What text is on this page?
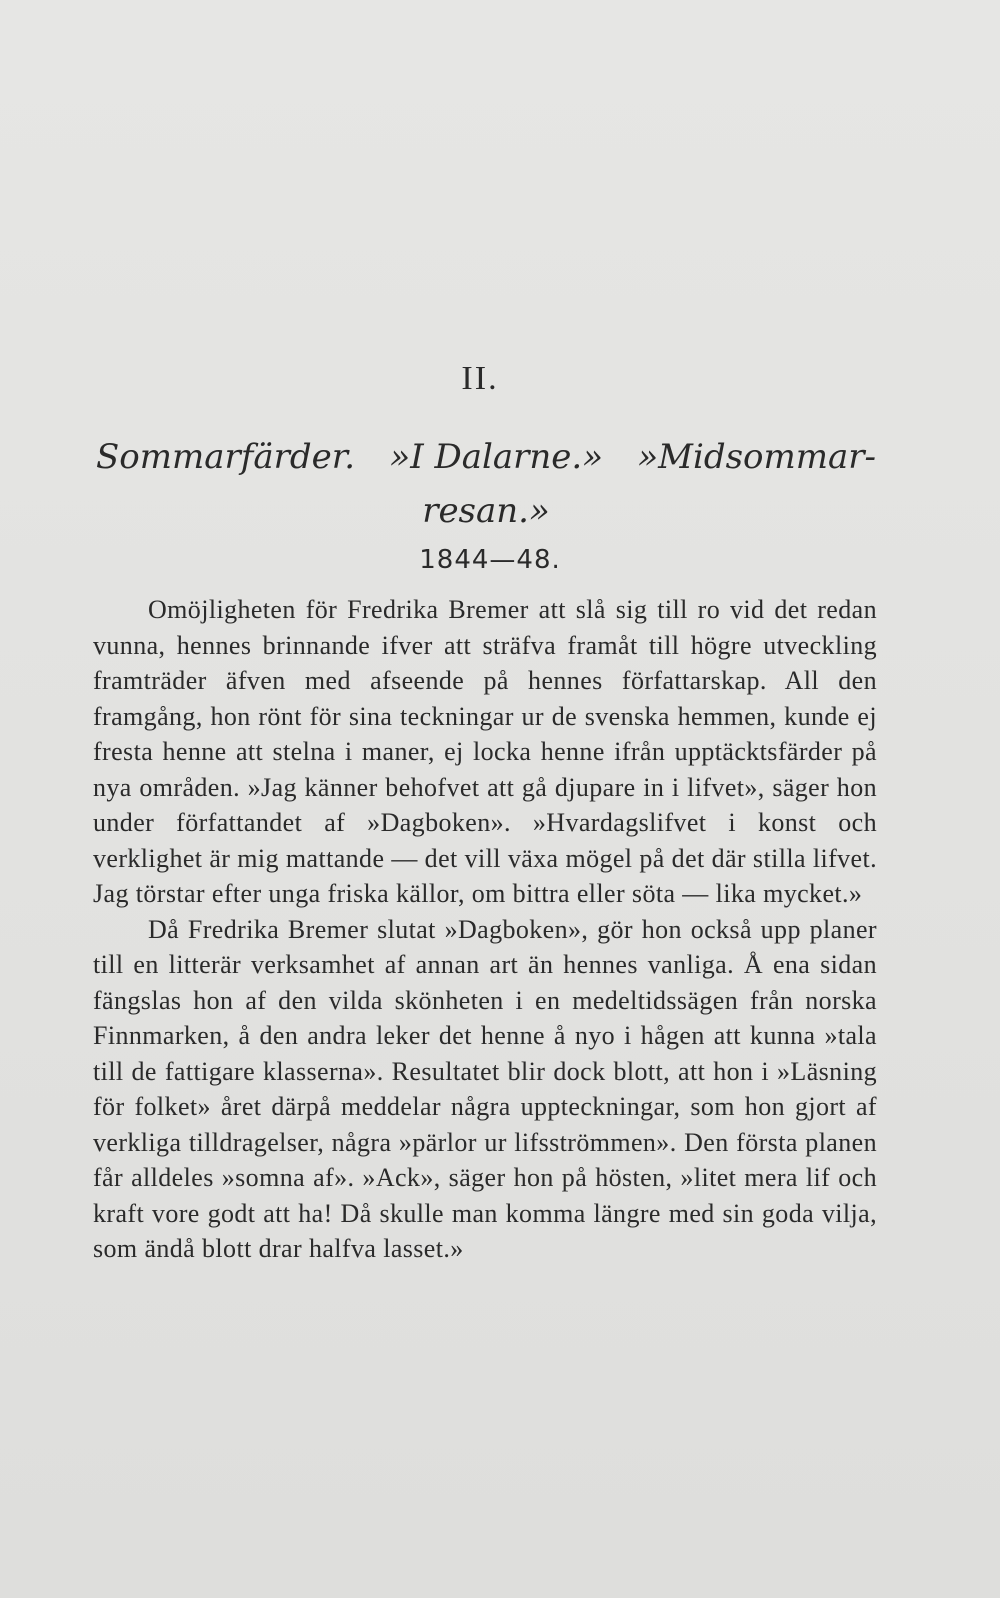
II.
Sommarfärder. »I Dalarne.» »Midsommar-
resan.»
1844—48.

Omöjligheten för Fredrika Bremer att slå sig till ro vid det redan vunna, hennes brinnande ifver att sträfva framåt till högre utveckling framträder äfven med afseende på hennes författarskap. All den framgång, hon rönt för sina teckningar ur de svenska hemmen, kunde ej fresta henne att stelna i maner, ej locka henne ifrån upptäcktsfärder på nya områden. »Jag känner behofvet att gå djupare in i lifvet», säger hon under författandet af »Dagboken». »Hvardagslifvet i konst och verklighet är mig mattande — det vill växa mögel på det där stilla lifvet. Jag törstar efter unga friska källor, om bittra eller söta — lika mycket.»

Då Fredrika Bremer slutat »Dagboken», gör hon också upp planer till en litterär verksamhet af annan art än hennes vanliga. Å ena sidan fängslas hon af den vilda skönheten i en medeltidssägen från norska Finnmarken, å den andra leker det henne å nyo i hågen att kunna »tala till de fattigare klasserna». Resultatet blir dock blott, att hon i »Läsning för folket» året därpå meddelar några uppteckningar, som hon gjort af verkliga tilldragelser, några »pärlor ur lifsströmmen». Den första planen får alldeles »somna af». »Ack», säger hon på hösten, »litet mera lif och kraft vore godt att ha! Då skulle man komma längre med sin goda vilja, som ändå blott drar halfva lasset.»
